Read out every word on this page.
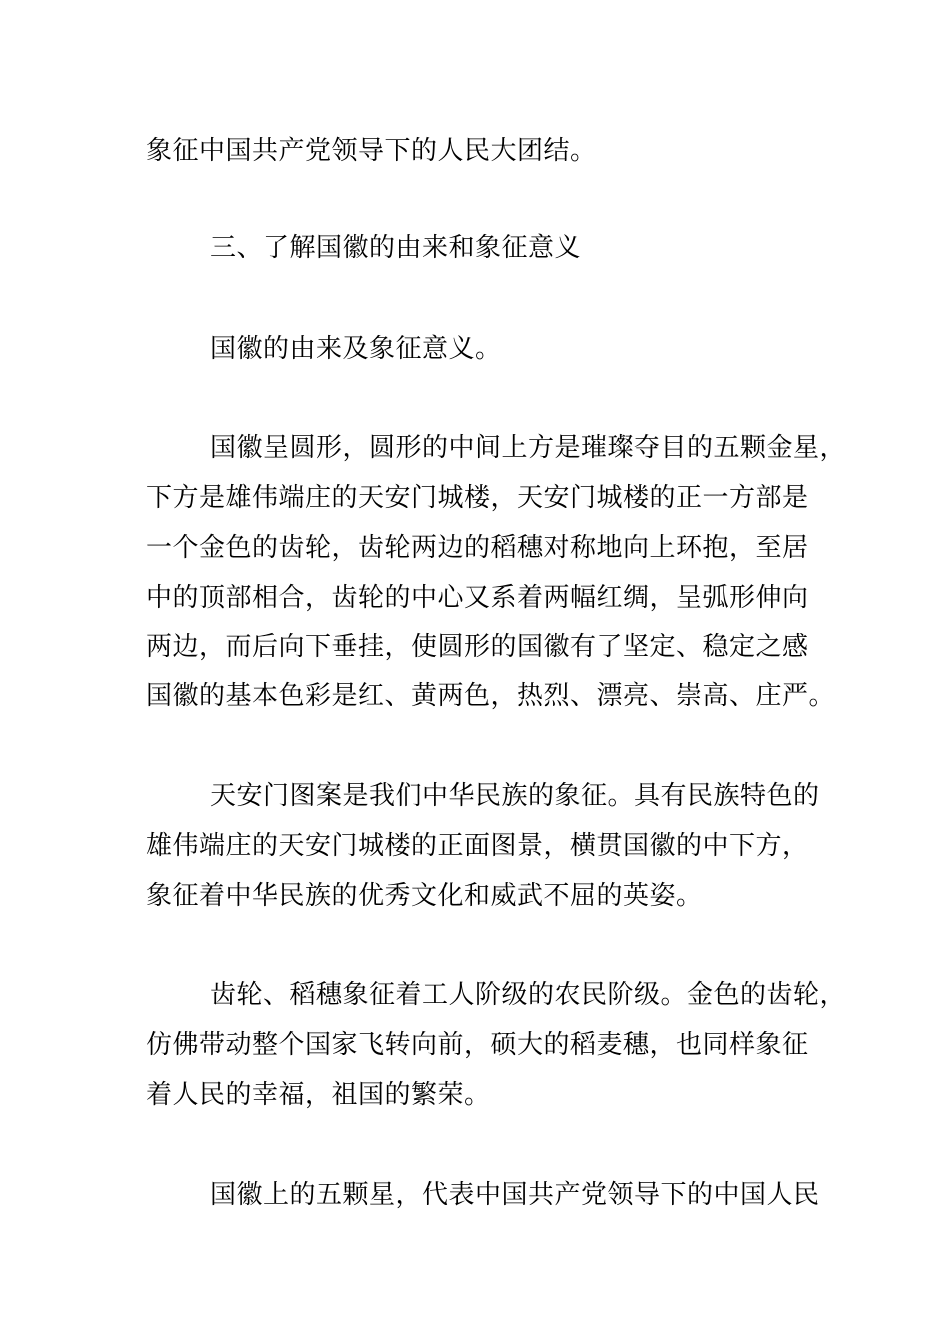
象征中国共产党领导下的人民大团结。
三、了解国徽的由来和象征意义
国徽的由来及象征意义。
国徽呈圆形，圆形的中间上方是璀璨夺目的五颗金星，
下方是雄伟端庄的天安门城楼，天安门城楼的正一方部是
一个金色的齿轮，齿轮两边的稻穗对称地向上环抱，至居
中的顶部相合，齿轮的中心又系着两幅红绸，呈弧形伸向
两边，而后向下垂挂，使圆形的国徽有了坚定、稳定之感
国徽的基本色彩是红、黄两色，热烈、漂亮、崇高、庄严。
天安门图案是我们中华民族的象征。具有民族特色的
雄伟端庄的天安门城楼的正面图景，横贯国徽的中下方，
象征着中华民族的优秀文化和威武不屈的英姿。
齿轮、稻穗象征着工人阶级的农民阶级。金色的齿轮，
仿佛带动整个国家飞转向前，硕大的稻麦穗，也同样象征
着人民的幸福，祖国的繁荣。
国徽上的五颗星，代表中国共产党领导下的中国人民
